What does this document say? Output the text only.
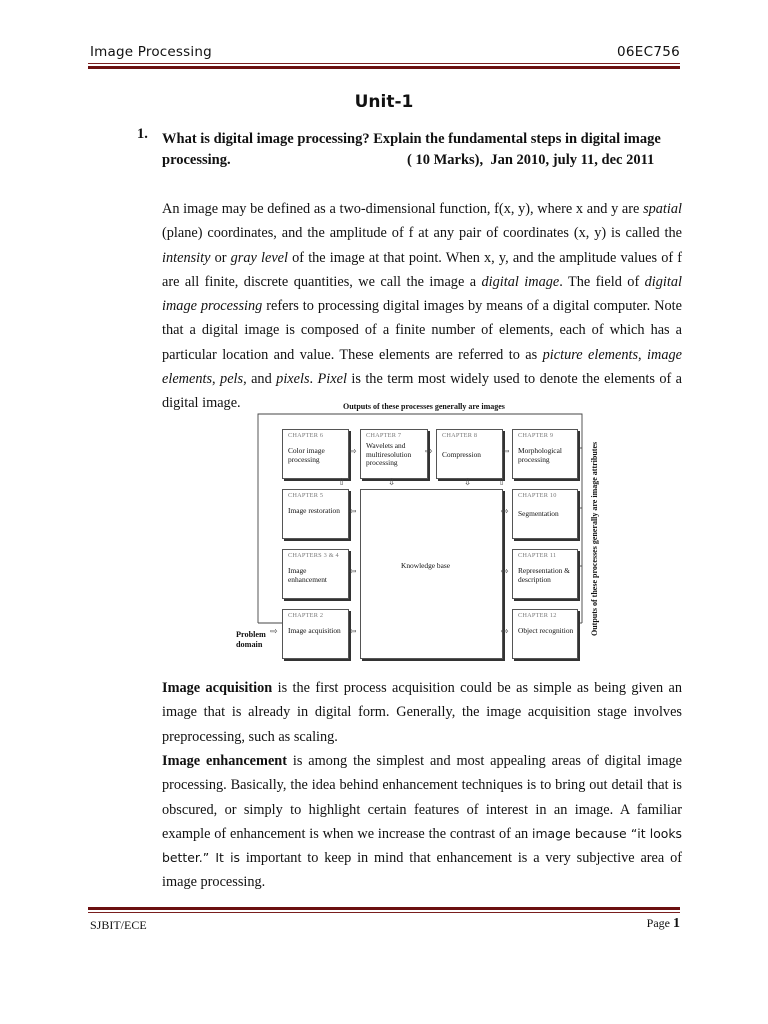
Image Processing	06EC756
Unit-1
1. What is digital image processing? Explain the fundamental steps in digital image
processing.	( 10 Marks),  Jan 2010, july 11, dec 2011
An image may be defined as a two-dimensional function, f(x, y), where x and y are spatial (plane) coordinates, and the amplitude of f at any pair of coordinates (x, y) is called the intensity or gray level of the image at that point. When x, y, and the amplitude values of f are all finite, discrete quantities, we call the image a digital image. The field of digital image processing refers to processing digital images by means of a digital computer. Note that a digital image is composed of a finite number of elements, each of which has a particular location and value. These elements are referred to as picture elements, image elements, pels, and pixels. Pixel is the term most widely used to denote the elements of a digital image.	Outputs of these processes generally are images
CHAPTER 6
Color image processing
CHAPTER 7
Wavelets and multiresolution processing
CHAPTER 8
Compression
CHAPTER 9
Morphological processing
CHAPTER 5
Image restoration
CHAPTERS 3 & 4
Image enhancement
CHAPTER 2
Image acquisition
Knowledge base
CHAPTER 10
Segmentation
CHAPTER 11
Representation & description
CHAPTER 12
Object recognition
⇨	⇨	⇦
⇦
⇦
⇦
⇨
⇨
⇨
⇧	⇩	⇩	⇧
⇨
Problem domain
Outputs of these processes generally are image attributes
Image acquisition is the first process acquisition could be as simple as being given an image that is already in digital form. Generally, the image acquisition stage involves preprocessing, such as scaling.
Image enhancement is among the simplest and most appealing areas of digital image processing. Basically, the idea behind enhancement techniques is to bring out detail that is obscured, or simply to highlight certain features of interest in an image. A familiar example of enhancement is when we increase the contrast of an image because “it looks better.” It is important to keep in mind that enhancement is a very subjective area of image processing.
SJBIT/ECE	Page 1
